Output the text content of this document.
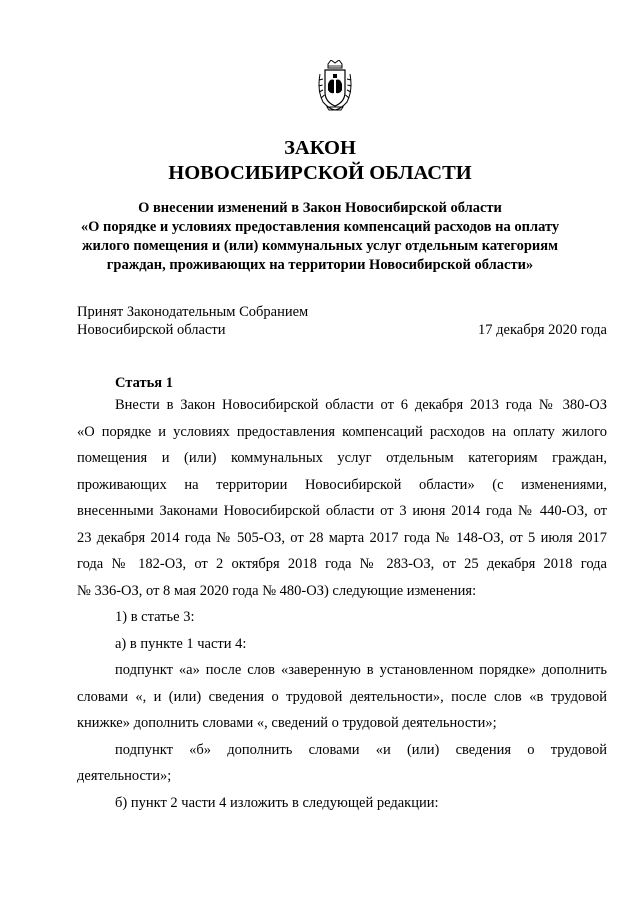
ЗАКОН
НОВОСИБИРСКОЙ ОБЛАСТИ
О внесении изменений в Закон Новосибирской области
«О порядке и условиях предоставления компенсаций расходов на оплату
жилого помещения и (или) коммунальных услуг отдельным категориям
граждан, проживающих на территории Новосибирской области»
Принят Законодательным Собранием
Новосибирской области	17 декабря 2020 года
Статья 1
Внести в Закон Новосибирской области от 6 декабря 2013 года № 380-ОЗ
«О порядке и условиях предоставления компенсаций расходов на оплату жилого
помещения и (или) коммунальных услуг отдельным категориям граждан,
проживающих на территории Новосибирской области» (с изменениями,
внесенными Законами Новосибирской области от 3 июня 2014 года № 440-ОЗ, от
23 декабря 2014 года № 505-ОЗ, от 28 марта 2017 года № 148-ОЗ, от 5 июля 2017
года № 182-ОЗ, от 2 октября 2018 года № 283-ОЗ, от 25 декабря 2018 года
№ 336-ОЗ, от 8 мая 2020 года № 480-ОЗ) следующие изменения:
1) в статье 3:
а) в пункте 1 части 4:
подпункт «а» после слов «заверенную в установленном порядке» дополнить
словами «, и (или) сведения о трудовой деятельности», после слов «в трудовой
книжке» дополнить словами «, сведений о трудовой деятельности»;
подпункт «б» дополнить словами «и (или) сведения о трудовой
деятельности»;
б) пункт 2 части 4 изложить в следующей редакции:
